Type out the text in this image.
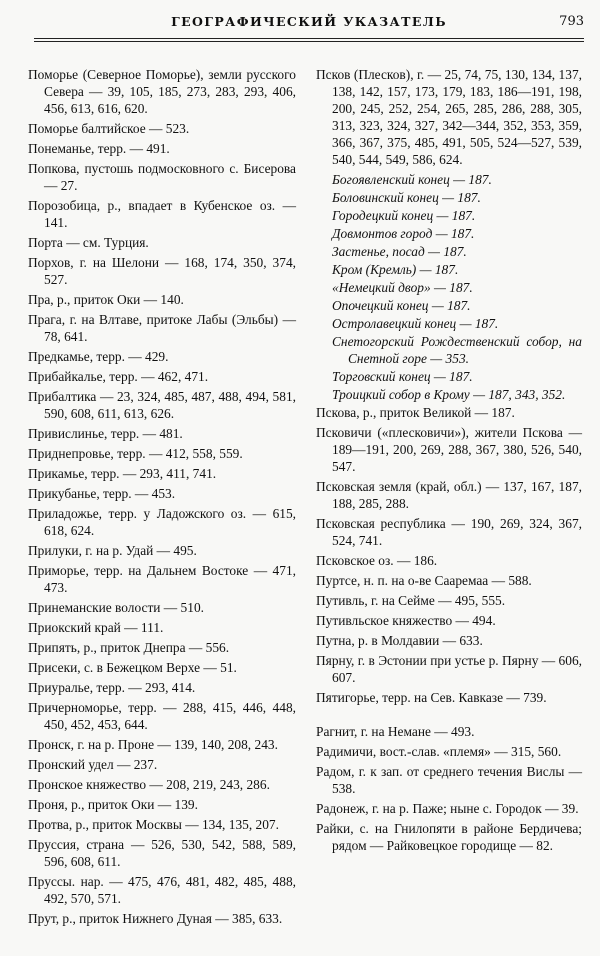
ГЕОГРАФИЧЕСКИЙ УКАЗАТЕЛЬ	793
Поморье (Северное Поморье), земли русского Севера — 39, 105, 185, 273, 283, 293, 406, 456, 613, 616, 620.
Поморье балтийское — 523.
Понеманье, терр. — 491.
Попкова, пустошь подмосковного с. Бисерова — 27.
Порозобица, р., впадает в Кубенское оз. — 141.
Порта — см. Турция.
Порхов, г. на Шелони — 168, 174, 350, 374, 527.
Пра, р., приток Оки — 140.
Прага, г. на Влтаве, притоке Лабы (Эльбы) — 78, 641.
Предкамье, терр. — 429.
Прибайкалье, терр. — 462, 471.
Прибалтика — 23, 324, 485, 487, 488, 494, 581, 590, 608, 611, 613, 626.
Привислинье, терр. — 481.
Приднепровье, терр. — 412, 558, 559.
Прикамье, терр. — 293, 411, 741.
Прикубанье, терр. — 453.
Приладожье, терр. у Ладожского оз. — 615, 618, 624.
Прилуки, г. на р. Удай — 495.
Приморье, терр. на Дальнем Востоке — 471, 473.
Принеманские волости — 510.
Приокский край — 111.
Припять, р., приток Днепра — 556.
Присеки, с. в Бежецком Верхе — 51.
Приуралье, терр. — 293, 414.
Причерноморье, терр. — 288, 415, 446, 448, 450, 452, 453, 644.
Пронск, г. на р. Проне — 139, 140, 208, 243.
Пронский удел — 237.
Пронское княжество — 208, 219, 243, 286.
Проня, р., приток Оки — 139.
Протва, р., приток Москвы — 134, 135, 207.
Пруссия, страна — 526, 530, 542, 588, 589, 596, 608, 611.
Пруссы. нар. — 475, 476, 481, 482, 485, 488, 492, 570, 571.
Прут, р., приток Нижнего Дуная — 385, 633.
Псков (Плесков), г. — 25, 74, 75, 130, 134, 137, 138, 142, 157, 173, 179, 183, 186—191, 198, 200, 245, 252, 254, 265, 285, 286, 288, 305, 313, 323, 324, 327, 342—344, 352, 353, 359, 366, 367, 375, 485, 491, 505, 524—527, 539, 540, 544, 549, 586, 624.
Богоявленский конец — 187.
Боловинский конец — 187.
Городецкий конец — 187.
Довмонтов город — 187.
Застенье, посад — 187.
Кром (Кремль) — 187.
«Немецкий двор» — 187.
Опочецкий конец — 187.
Остролавецкий конец — 187.
Снетогорский Рождественский собор, на Снетной горе — 353.
Торговский конец — 187.
Троицкий собор в Крому — 187, 343, 352.
Пскова, р., приток Великой — 187.
Псковичи («плесковичи»), жители Пскова — 189—191, 200, 269, 288, 367, 380, 526, 540, 547.
Псковская земля (край, обл.) — 137, 167, 187, 188, 285, 288.
Псковская республика — 190, 269, 324, 367, 524, 741.
Псковское оз. — 186.
Пуртсе, н. п. на о-ве Сааремаа — 588.
Путивль, г. на Сейме — 495, 555.
Путивльское княжество — 494.
Путна, р. в Молдавии — 633.
Пярну, г. в Эстонии при устье р. Пярну — 606, 607.
Пятигорье, терр. на Сев. Кавказе — 739.
Рагнит, г. на Немане — 493.
Радимичи, вост.-слав. «племя» — 315, 560.
Радом, г. к зап. от среднего течения Вислы — 538.
Радонеж, г. на р. Паже; ныне с. Городок — 39.
Райки, с. на Гнилопяти в районе Бердичева; рядом — Райковецкое городище — 82.
